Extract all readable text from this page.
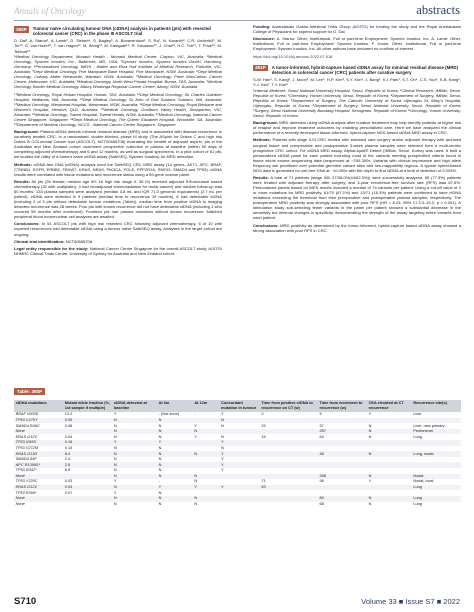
Annals of Oncology	abstracts
380P	Tumour naïve circulating tumour DNA (ctDNA) analysis in patients (pts) with resected colorectal cancer (CRC) in the phase III ASCOLT trial

D. Dai¹, A. Starus², A. Lamb³, D. Sisbert⁴, S. Bagley⁵, A. Bonaventura⁶, S. Ra⁷, N. Karanth⁸, C.R. Underhill⁹, M. Tie¹⁰, G. van Hazel¹¹, T. van Hagen¹², M. Wong¹³, M. Eastgate¹⁴, R. Srivastav¹⁵, J. Chia¹⁶, H.C. Toh¹⁷, T. Price¹⁸, M. Tebbutt¹⁹

¹Medical Oncology Department, Monash Health - Monash Medical Centre, Clayton, VIC, Australia; ²Medical Oncology, Sysmex Inostics, Inc., Baltimore, MD, USA; ³Sysmex Inostics, Sysmex Inostics GmbH, Hamburg, Germany; ⁴Personalised Oncology, WEHI - Walter and Eliza Hall Institute of Medical Research, Parkville, VIC, Australia; ⁵Dept Medical Oncology, Port Macquarie Base Hospital, Port Macquarie, NSW, Australia; ⁶Dept Medical Oncology, Calvary Mater Newcastle, Waratah, NSW, Australia; ⁷Medical Oncology, Peter MacCallum Cancer Centre, Melbourne, VIC, Australia; ⁸Medical Oncology, North West Private Hospital, Burnie, TAS, Australia; ⁹Medical Oncology, Border Medical Oncology, Albury Wodonga Regional Cancer Centre, Albury, NSW, Australia

¹⁰Medical Oncology, Royal Hobart Hospital, Hobart, TAS, Australia; ¹¹Dept Medical Oncology, Sir Charles Gairdner Hospital, Nedlands, WA, Australia; ¹²Dept Medical Oncology, St John of God Subiaco, Subiaco, WA, Australia; ¹³Medical Oncology, Westmead Hospital, Westmead, NSW, Australia; ¹⁴Dept Medical Oncology, Royal Brisbane and Women's Hospital, Herston, QLD, Australia; ¹⁵Medical Oncology, Goulburn Valley Health, Shepparton, VIC, Australia; ¹⁶Medical Oncology, Tweed Hospital, Tweed Heads, NSW, Australia; ¹⁷Medical Oncology, National Cancer Centre Singapore, Singapore; ¹⁸Dept Medical Oncology, The Queen Elizabeth Hospital, Woodville, SA, Australia; ¹⁹Department of Medical Oncology, NCCS - National Cancer Centre Singapore, Singapore

Background: Plasma ctDNA detects minimal residual disease (MRD) and is associated with disease recurrence in curatively treated CRC. In a randomised, double-blinded, phase III study (The ASpirin for Dukes C and high risk Dukes B COLorectal Cancer trial (ASCOLT), NCT00565708) evaluating the benefit of adjuvant aspirin, pts in the Australian and New Zealand cohort underwent prospective collection of plasma at baseline (within 90 days of completing adjuvant chemotherapy) and 6 and 12 months, as well as surgical specimens. In a pilot cohort of 51 pts, we studied the utility of a tumour naïve ctDNA assay (SafeSEQ, Sysmex Inostics) for MRD detection.

Methods: ctDNA-free DNA (cfDNA) analysis used the SafeSEQ CRC MRD assay (14 genes, AKT1, APC, BRAF, CTNNB1, EGFR, ERBB2, FBXW7, KRAS, NRAS, PIK3CA, POLE, PPP2R1A, RNF43, SMAD4 and TP53). ctDNA results were correlated with tissue mutations and recurrence status using a 59-gene custom panel.

Results: All pts (26 female; median age 69; 16 high risk stage II, 35 III) received adjuvant 5-fluorouracil based chemotherapy (32 with oxaliplatin). 4 had neoadjuvant chemoradiation for rectal cancer) and median follow-up was 60 months. 133 plasma samples were analysed (median 3.8 mL and IQR 71.0 genomic equivalents) (2.7 mL per patient). cfDNA were detected in 9 patients (median time to recurrence 19 months), 6 had detectable ctDNA (including 2 of 3 pts without detectable tumour mutations (Table)). median time from positive ctDNA to imaging detected recurrence was 28 weeks. Four pts with known recurrence did not have detectable ctDNA (including 1 who recurred 59 months after enrolment). Fourteen pts had plasma mutations without known recurrence. Matched peripheral blood mononuclear cell analyses are awaited.

Conclusions: In 51 ASCOLT pts with high risk resected CRC following adjuvant chemotherapy, 6 of 10 with reported recurrences had detectable ctDNA using a tumour naïve SafeSEQ assay. Analyses in the larger cohort are ongoing.

Clinical trial identification: NCT00565708.

Legal entity responsible for the study: National Cancer Centre Singapore for the overall ASCOLT study, AGITG/ NHMRC Clinical Trials Centre, University of Sydney for Australia and New Zealand cohort.

Funding: Australasian Gastro-Intestinal Trials Group (AGITG) for funding the study and the Royal Australasian College of Physicians for stipend support for D. Dai.

Disclosure: A. Starus: Other, Institutional, Full or part-time Employment: Sysmex Inostics, Inc. A. Lamb: Other, Institutional, Full or part-time Employment: Sysmex Inostics. F. Jones: Other, Institutional, Full or part-time Employment: Sysmex Inostics, Inc. All other authors have declared no conflicts of interest.

https://doi.org/10.1016/j.annonc.2022.07.518
381P	A tumor-informed, hybrid-capture based ctDNA assay for minimal residual disease (MRD) detection in colorectal cancer (CRC) patients after curative surgery

S-W. Han¹, S. Kang², J. Moon³, M. Lee³, H-P. Kim³, S.Y. Kim¹, J. Bang¹, K.I. Park¹, S.T. Oh⁴, C.S. Yoo⁵, S-B. Kang⁶, Y-J. Kim⁷, T.Y. Kim⁸

¹Internal Medicine, Seoul National University Hospital, Seoul, Republic of Korea; ²Clinical Research, IMBdx, Seoul, Republic of Korea; ³Chemistry, Yonsei University, Seoul, Republic of Korea; ⁴Department of Surgery, IMBdx, Seoul, Republic of Korea; ⁵Department of Surgery, The Catholic University of Korea Uijeongbu St. Mary's Hospital, Uijeongbu, Republic of Korea; ⁶Department of Surgery, Seoul National University, Seoul, Republic of Korea; ⁷Surgery, Seoul National University Bundang Hospital, Seongnam, Republic of Korea; ⁸Oncology, Yonsei University, Seoul, Republic of Korea

Background: MRD detection using ctDNA analysis after curative treatment may help identify patients at higher risk of relapse and improve treatment outcomes by enabling personalized care. Here we have analyzed the clinical performance of a recently developed tissue-informed, hybrid-capture NGS-based ctDNA MRD assay in CRC.

Methods: Patients with stage II-III CRC treated with standard care surgery and/or adjuvant therapy with archived surgical tissue and preoperative and postoperative 3-week plasma samples were selected from a multi-centric prospective CRC cohort. For ctDNA MRD assay, AlphaLiquid® Detect (IMBdx, Seoul, Korea) was used. It built a personalized ctDNA panel for each patient including most of the variants meeting prespecified criteria found in tissue whole exome sequencing data (sequenced at ~200-300x. Variants with clinical importance and high allele frequency are prioritized over potential germline variant sites and low-mappability regions. A typical hybrid-based NGS data is generated for cell-free DNA at ~10,000x with the depth to find ctDNA at a limit of detection of 0.003%.

Results: A total of 71 patients (stage II/III 27/38.0%(44/62.0%)) were successfully analyzed. 55 (77.5%) patients were treated with adjuvant therapy after surgery, and 3-year recurrence-free survival rate (RFS) was 67.5%. Personalized panels based on WES results included a median of 74 variants per patient. Using a cut-off value of 2 or more mutations for MRD positivity, 61/70 (87.1%) and 13/71 (18.3%) patients were confirmed to have ctDNA mutations exceeding the threshold from their preoperative and postoperative plasma samples, respectively. The postoperative MRD positivity was strongly associated with poor RFS (HR = 8.23, 95% CI 3.3–19.1; p < 0.001). A stimulation study sub-selecting fewer variants in the panel per patient showed a substantial decrease in the sensitivity but minimal changes in specificity, demonstrating the strength of the assay targeting entire variants from each patient.

Conclusions: MRD positivity as determined by the tumor-informed, hybrid-capture based ctDNA assay showed a strong association with poor RFS in CRC.

Table: 380P
ctDNA mutations	Mutant allele fraction (%, 1st sample if multiple)	ctDNA detected at baseline	At 6m	At 12m	Concordant mutation in tumour	Time from positive ctDNA to recurrence on CT (w)	Time from enrolment to recurrence (w)	CEA elevated at CT recurrence	Recurrence site(s)
BRAF V600E	13.2	Y	- (Not done)	-	Y	0	5	Y	Liver
TP53 C275Y	0.05	N	N		N				
SMAD4 R49C	0.08	N	N	Y	N	29	57	N	Liver, new primary
None		N	N	N			257	N	Peritoneum
KRAS G12V	0.04	N	N	Y	N	15	64	N	Lung
TP53 I195S	0.16	Y	Y		Y				
TP53 V272M	0.14	N	N		N				
KRAS G13D	8.4	N	N	N	Y		48	N	Lung, nodal
SMAD4 54P	2.4	N	N		Y				
APC R1399S*	2.5	N	N		Y				
TP53 R342*	6.5	N	N		Y				
None		N	N	N			258	N	Nodal
TP53 Y220C	0.03	Y	-	N		71	98	Y	Nodal, local
KRAS G12V	0.04	N	Y	Y	Y	53			Lung
TP53 R306*	0.07	Y	N						
None		N	N	N			80	N	Lung
None		N	N	N			68	N	Lung
S710	Volume 33 ■ Issue S7 ■ 2022
